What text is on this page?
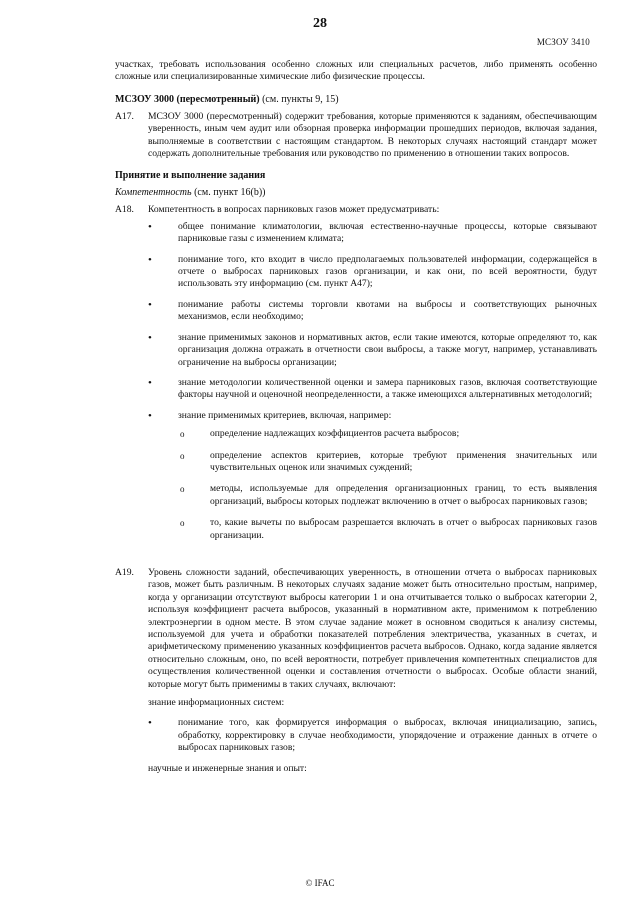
28
МСЗОУ 3410

участках, требовать использования особенно сложных или специальных расчетов, либо применять особенно сложные или специализированные химические либо физические процессы.

МСЗОУ 3000 (пересмотренный) (см. пункты 9, 15)

A17.	МСЗОУ 3000 (пересмотренный) содержит требования, которые применяются к заданиям, обеспечивающим уверенность, иным чем аудит или обзорная проверка информации прошедших периодов, включая задания, выполняемые в соответствии с настоящим стандартом. В некоторых случаях настоящий стандарт может содержать дополнительные требования или руководство по применению в отношении таких вопросов.

Принятие и выполнение задания

Компетентность (см. пункт 16(b))

A18.	Компетентность в вопросах парниковых газов может предусматривать:

•	общее понимание климатологии, включая естественно-научные процессы, которые связывают парниковые газы с изменением климата;
•	понимание того, кто входит в число предполагаемых пользователей информации, содержащейся в отчете о выбросах парниковых газов организации, и как они, по всей вероятности, будут использовать эту информацию (см. пункт А47);
•	понимание работы системы торговли квотами на выбросы и соответствующих рыночных механизмов, если необходимо;
•	знание применимых законов и нормативных актов, если такие имеются, которые определяют то, как организация должна отражать в отчетности свои выбросы, а также могут, например, устанавливать ограничение на выбросы организации;
•	знание методологии количественной оценки и замера парниковых газов, включая соответствующие факторы научной и оценочной неопределенности, а также имеющихся альтернативных методологий;
•	знание применимых критериев, включая, например:

o	определение надлежащих коэффициентов расчета выбросов;
o	определение аспектов критериев, которые требуют применения значительных или чувствительных оценок или значимых суждений;
o	методы, используемые для определения организационных границ, то есть выявления организаций, выбросы которых подлежат включению в отчет о выбросах парниковых газов;
o	то, какие вычеты по выбросам разрешается включать в отчет о выбросах парниковых газов организации.
A19.	Уровень сложности заданий, обеспечивающих уверенность, в отношении отчета о выбросах парниковых газов, может быть различным. В некоторых случаях задание может быть относительно простым, например, когда у организации отсутствуют выбросы категории 1 и она отчитывается только о выбросах категории 2, используя коэффициент расчета выбросов, указанный в нормативном акте, применимом к потреблению электроэнергии в одном месте. В этом случае задание может в основном сводиться к анализу системы, используемой для учета и обработки показателей потребления электричества, указанных в счетах, и арифметическому применению указанных коэффициентов расчета выбросов. Однако, когда задание является относительно сложным, оно, по всей вероятности, потребует привлечения компетентных специалистов для осуществления количественной оценки и составления отчетности о выбросах. Особые области знаний, которые могут быть применимы в таких случаях, включают:

знание информационных систем:

•	понимание того, как формируется информация о выбросах, включая инициализацию, запись, обработку, корректировку в случае необходимости, упорядочение и отражение данных в отчете о выбросах парниковых газов;

научные и инженерные знания и опыт:

© IFAC
